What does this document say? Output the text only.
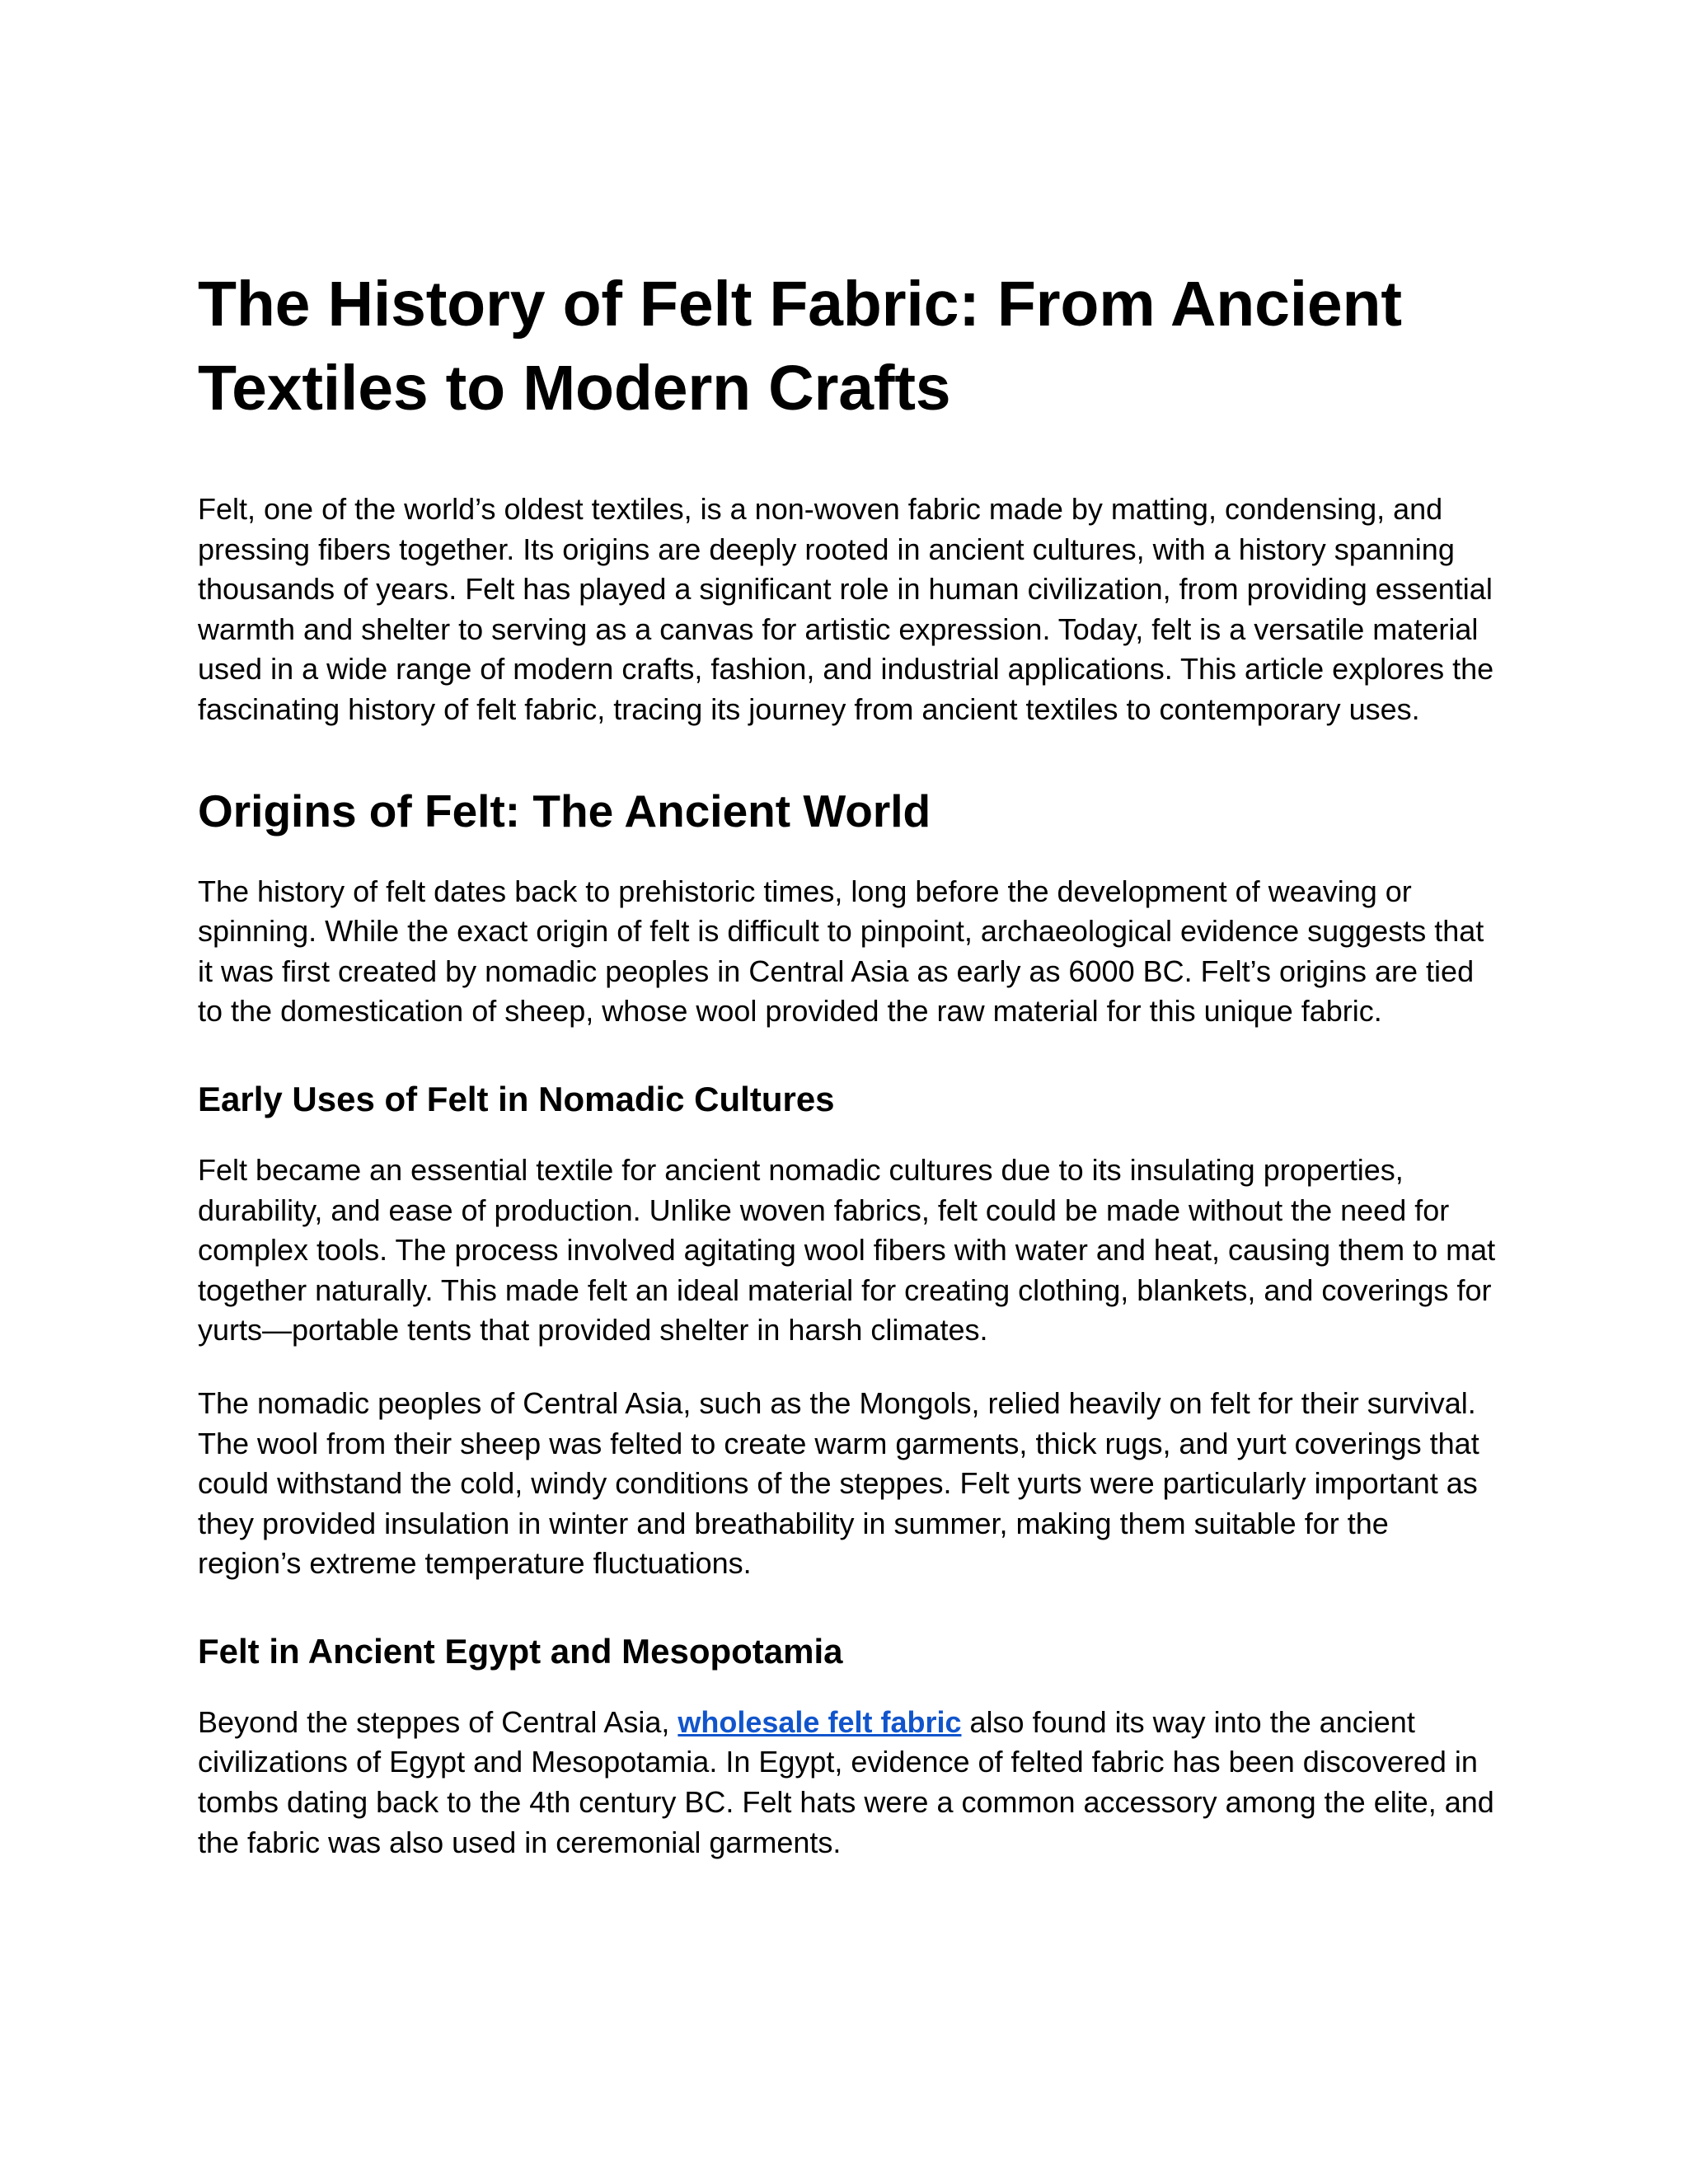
The History of Felt Fabric: From Ancient Textiles to Modern Crafts

Felt, one of the world’s oldest textiles, is a non-woven fabric made by matting, condensing, and pressing fibers together. Its origins are deeply rooted in ancient cultures, with a history spanning thousands of years. Felt has played a significant role in human civilization, from providing essential warmth and shelter to serving as a canvas for artistic expression. Today, felt is a versatile material used in a wide range of modern crafts, fashion, and industrial applications. This article explores the fascinating history of felt fabric, tracing its journey from ancient textiles to contemporary uses.

Origins of Felt: The Ancient World

The history of felt dates back to prehistoric times, long before the development of weaving or spinning. While the exact origin of felt is difficult to pinpoint, archaeological evidence suggests that it was first created by nomadic peoples in Central Asia as early as 6000 BC. Felt’s origins are tied to the domestication of sheep, whose wool provided the raw material for this unique fabric.

Early Uses of Felt in Nomadic Cultures

Felt became an essential textile for ancient nomadic cultures due to its insulating properties, durability, and ease of production. Unlike woven fabrics, felt could be made without the need for complex tools. The process involved agitating wool fibers with water and heat, causing them to mat together naturally. This made felt an ideal material for creating clothing, blankets, and coverings for yurts—portable tents that provided shelter in harsh climates.

The nomadic peoples of Central Asia, such as the Mongols, relied heavily on felt for their survival. The wool from their sheep was felted to create warm garments, thick rugs, and yurt coverings that could withstand the cold, windy conditions of the steppes. Felt yurts were particularly important as they provided insulation in winter and breathability in summer, making them suitable for the region’s extreme temperature fluctuations.

Felt in Ancient Egypt and Mesopotamia

Beyond the steppes of Central Asia, wholesale felt fabric also found its way into the ancient civilizations of Egypt and Mesopotamia. In Egypt, evidence of felted fabric has been discovered in tombs dating back to the 4th century BC. Felt hats were a common accessory among the elite, and the fabric was also used in ceremonial garments.
